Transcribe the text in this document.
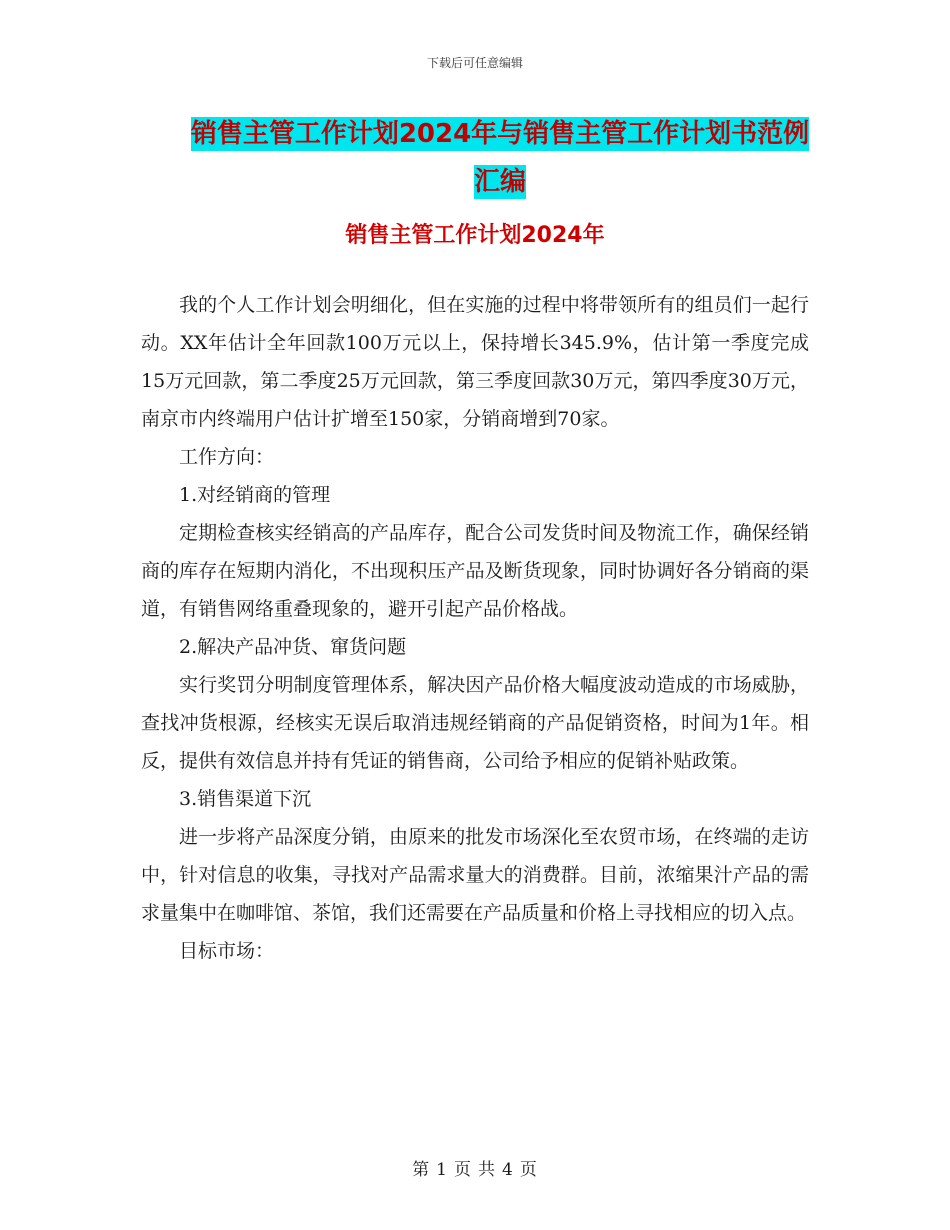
下载后可任意编辑
销售主管工作计划2024年与销售主管工作计划书范例
汇编
销售主管工作计划2024年

我的个人工作计划会明细化，但在实施的过程中将带领所有的组员们一起行动。XX年估计全年回款100万元以上，保持增长345.9%，估计第一季度完成15万元回款，第二季度25万元回款，第三季度回款30万元，第四季度30万元，南京市内终端用户估计扩增至150家，分销商增到70家。

工作方向：

1.对经销商的管理

定期检查核实经销高的产品库存，配合公司发货时间及物流工作，确保经销商的库存在短期内消化，不出现积压产品及断货现象，同时协调好各分销商的渠道，有销售网络重叠现象的，避开引起产品价格战。

2.解决产品冲货、窜货问题

实行奖罚分明制度管理体系，解决因产品价格大幅度波动造成的市场威胁，查找冲货根源，经核实无误后取消违规经销商的产品促销资格，时间为1年。相反，提供有效信息并持有凭证的销售商，公司给予相应的促销补贴政策。

3.销售渠道下沉

进一步将产品深度分销，由原来的批发市场深化至农贸市场，在终端的走访中，针对信息的收集，寻找对产品需求量大的消费群。目前，浓缩果汁产品的需求量集中在咖啡馆、茶馆，我们还需要在产品质量和价格上寻找相应的切入点。

目标市场：

第 1 页 共 4 页
